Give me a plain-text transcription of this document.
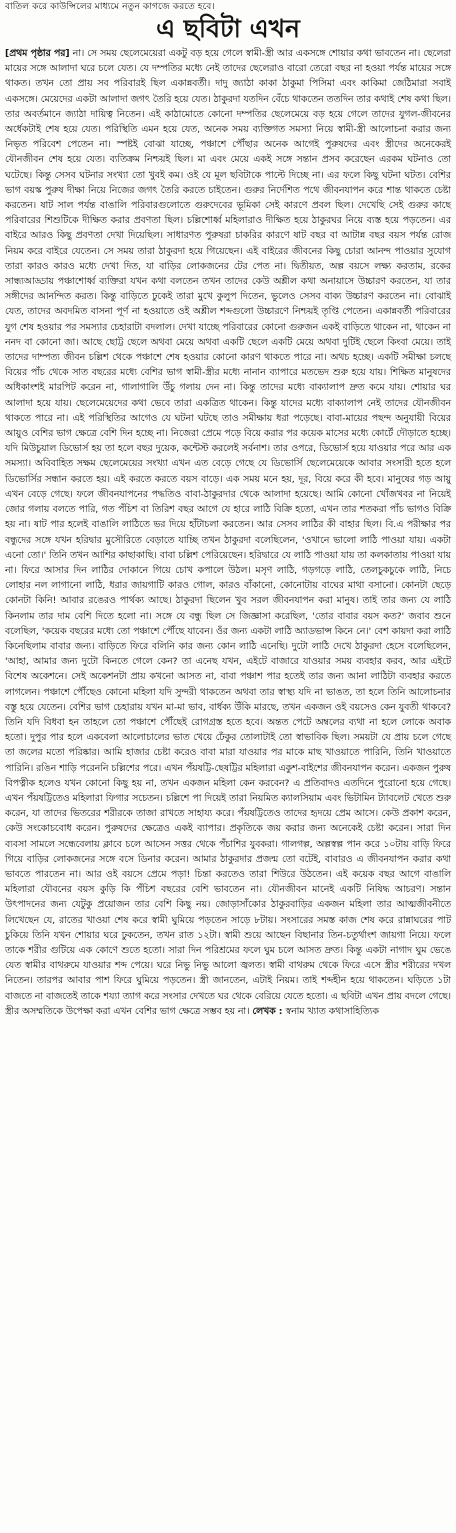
বাতিল করে কাউন্সিলের মাধ্যমে নতুন কাগজে করতে হবে।
এ ছবিটা এখন

[প্রথম পৃষ্ঠার পর] না। সে সময় ছেলেমেয়েরা একটু বড় হয়ে গেলে স্বামী-স্ত্রী আর একসঙ্গে শোয়ার কথা ভাবতেন না। ছেলেরা মায়ের সঙ্গে আলাদা ঘরে চলে যেত। যে দম্পতির মধ্যে নেই তাদের ছেলেরাও বারো তেরো বছর না হওয়া পর্যন্ত মায়ের সঙ্গে থাকত। তখন তো প্রায় সব পরিবারই ছিল একান্নবর্তী। দাদু জ্যাঠা কাকা ঠাকুমা পিসিমা এবং কাকিমা জেঠিমারা সবাই একসঙ্গে। মেয়েদের একটা আলাদা জগৎ তৈরি হয়ে যেত। ঠাকুরদা যতদিন বেঁচে থাকতেন ততদিন তার কথাই শেষ কথা ছিল। তার অবর্তমানে জ্যাঠা দায়িত্ব নিতেন। এই কাঠামোতে কোনো দম্পতির ছেলেমেয়ে বড় হয়ে গেলে তাদের যুগল-জীবনের অর্ধেকটাই শেষ হয়ে যেত। পরিস্থিতি এমন হয়ে যেত, অনেক সময় ব্যক্তিগত সমস্যা নিয়ে স্বামী-স্ত্রী আলোচনা করার জন্য নিভৃত পরিবেশ পেতেন না। স্পষ্টই বোঝা যাচ্ছে, পঞ্চাশে পৌঁছার অনেক আগেই পুরুষদের এবং স্ত্রীদের অনেকেরই যৌনজীবন শেষ হয়ে যেত। ব্যতিক্রম নিশ্চয়ই ছিল। মা এবং মেয়ে একই সঙ্গে সন্তান প্রসব করেছেন এরকম ঘটনাও তো ঘটেছে। কিন্তু সেসব ঘটনার সংখ্যা তো খুবই কম। ওই যে মূল ছবিটাকে পাল্টে দিচ্ছে না। এর ফলে কিছু ঘটনা ঘটত। বেশির ভাগ বয়স্ক পুরুষ দীক্ষা নিয়ে নিজের জগৎ তৈরি করতে চাইতেন। গুরুর নির্দেশিত পথে জীবনযাপন করে শান্ত থাকতে চেষ্টা করতেন। ষাট সাল পর্যন্ত বাঙালি পরিবারগুলোতে গুরুদেবের ভূমিকা সেই কারণে প্রবল ছিল। দেখেছি সেই গুরুর কাছে পরিবারের শিশুটিকে দীক্ষিত করার প্রবণতা ছিল। চল্লিশোর্ধ্ব মহিলারাও দীক্ষিত হয়ে ঠাকুরঘর নিয়ে ব্যস্ত হয়ে পড়তেন। এর বাইরে আরও কিছু প্রবণতা দেখা দিয়েছিল। সাধারণত পুরুষরা চাকরির কারণে ষাট বছর বা আটান্ন বছর বয়স পর্যন্ত রোজ নিয়ম করে বাইরে যেতেন। সে সময় তারা ঠাকুরদা হয়ে গিয়েছেন। এই বাইরের জীবনের কিছু চোরা আনন্দ পাওয়ার সুযোগ তারা কারও কারও মধ্যে দেখা দিত, যা বাড়ির লোকজনের টের পেত না। দ্বিতীয়ত, অল্প বয়সে লক্ষ্য করতাম, রকের সান্ধ্যআড্ডায় পঞ্চাশোর্ধ্ব ব্যক্তিরা যখন কথা বলতেন তখন তাদের কেউ অশ্লীল কথা অনায়াসে উচ্চারণ করতেন, যা তার সঙ্গীদের আনন্দিত করত। কিন্তু বাড়িতে ঢুকেই তারা মুখে কুলুপ দিতেন, ভুলেও সেসব বাক্য উচ্চারণ করতেন না। বোঝাই যেত, তাদের অবদমিত বাসনা পূর্ণ না হওয়াতে ওই অশ্লীল শব্দগুলো উচ্চারণে নিশ্চয়ই তৃপ্তি পেতেন। একান্নবর্তী পরিবারের যুগ শেষ হওয়ার পর সমস্যার চেহারাটা বদলাল। দেখা যাচ্ছে পরিবারের কোনো গুরুজন একই বাড়িতে থাকেন না, থাকেন না ননদ বা কোনো জা। আছে ছোট্ট ছেলে অথবা মেয়ে অথবা একটি ছেলে একটি মেয়ে অথবা দুটিই ছেলে কিংবা মেয়ে। তাই তাদের দাম্পত্য জীবন চল্লিশ থেকে পঞ্চাশে শেষ হওয়ার কোনো কারণ থাকতে পারে না। অথচ হচ্ছে। একটি সমীক্ষা চলছে বিয়ের পাঁচ থেকে সাত বছরের মধ্যে বেশির ভাগ স্বামী-স্ত্রীর মধ্যে নানান ব্যাপারে মতভেদ শুরু হয়ে যায়। শিক্ষিত মানুষদের অধিকাংশই মারপিট করেন না, গালাগালি উঁচু গলায় দেন না। কিন্তু তাদের মধ্যে বাক্যালাপ দ্রুত কমে যায়। শোয়ার ঘর আলাদা হয়ে যায়। ছেলেমেয়েদের কথা ভেবে তারা একত্রিত থাকেন। কিন্তু যাদের মধ্যে বাক্যালাপ নেই তাদের যৌনজীবন থাকতে পারে না। এই পরিস্থিতির আগেও যে ঘটনা ঘটছে তাও সমীক্ষায় ধরা পড়েছে। বাবা-মায়ের পছন্দ অনুযায়ী বিয়ের আয়ুও বেশির ভাগ ক্ষেত্রে বেশি দিন হচ্ছে না। নিজেরা প্রেমে পড়ে বিয়ে করার পর কয়েক মাসের মধ্যে কোর্টে দৌড়াতে হচ্ছে। যদি মিউচুয়াল ডিভোর্স হয় তা হলে বছর দুয়েক, কন্টেস্ট করলেই সর্বনাশ। তার ওপরে, ডিভোর্স হয়ে যাওয়ার পরে আর এক সমস্যা। অবিবাহিত সক্ষম ছেলেমেয়ের সংখ্যা এখন এত বেড়ে গেছে যে ডিভোর্সি ছেলেমেয়েকে আবার সংসারী হতে হলে ডিভোর্সির সন্ধান করতে হয়। এই করতে করতে বয়স বাড়ে। এক সময় মনে হয়, দূর, বিয়ে করে কী হবে। মানুষের গড় আয়ু এখন বেড়ে গেছে। ফলে জীবনযাপনের পদ্ধতিও বাবা-ঠাকুরদার থেকে আলাদা হয়েছে। আমি কোনো খোঁজখবর না নিয়েই জোর গলায় বলতে পারি, গত পঁচিশ বা তিরিশ বছর আগে যে হারে লাঠি বিক্রি হতো, এখন তার শতকরা পাঁচ ভাগও বিক্রি হয় না। ষাট পার হলেই বাঙালি লাঠিতে ভর দিয়ে হাঁটাচলা করতেন। আর সেসব লাঠির কী বাহার ছিল। বি.এ পরীক্ষার পর বন্ধুদের সঙ্গে যখন হরিদ্বার মুসৌরিতে বেড়াতে যাচ্ছি তখন ঠাকুরদা বলেছিলেন, 'ওখানে ভালো লাঠি পাওয়া যায়। একটা এনো তো।' তিনি তখন আশির কাছাকাছি। বাবা চল্লিশ পেরিয়েছেন। হরিদ্বারে যে লাঠি পাওয়া যায় তা কলকাতায় পাওয়া যায় না। ফিরে আসার দিন লাঠির দোকানে গিয়ে চোখ কপালে উঠল। মসৃণ লাঠি, গড়গড়ে লাঠি, তেলচুকচুকে লাঠি, নিচে লোহার নল লাগানো লাঠি, ধরার জায়গাটি কারও গোল, কারও বাঁকানো, কোনোটায় বাঘের মাথা বসানো। কোনটা ছেড়ে কোনটা কিনি! আবার রঙেরও পার্থক্য আছে। ঠাকুরদা ছিলেন খুব সরল জীবনযাপন করা মানুষ। তাই তার জন্য যে লাঠি কিনলাম তার দাম বেশি দিতে হলো না। সঙ্গে যে বন্ধু ছিল সে জিজ্ঞাসা করেছিল, 'তোর বাবার বয়স কত?' জবাব শুনে বলেছিল, 'কয়েক বছরের মধ্যে তো পঞ্চাশে পৌঁছে যাবেন। ওঁর জন্য একটা লাঠি অ্যাডভান্স কিনে নে।' বেশ কায়দা করা লাঠি কিনেছিলাম বাবার জন্য। বাড়িতে ফিরে বলিনি কার জন্য কোন লাঠি এনেছি। দুটো লাঠি দেখে ঠাকুরদা হেসে বলেছিলেন, 'আহা, আমার জন্য দুটো কিনতে গেলে কেন? তা এনেছ যখন, এইটে বাজারে যাওয়ার সময় ব্যবহার করব, আর এইটে বিশেষ অকেশনে। সেই অকেশনটা প্রায় কখনো আসত না, বাবা পঞ্চাশ পার হতেই তার জন্য আনা লাঠিটা ব্যবহার করতে লাগলেন। পঞ্চাশে পৌঁছেও কোনো মহিলা যদি সুন্দরী থাকতেন অথবা তার স্বাস্থ্য যদি না ভাঙত, তা হলে তিনি আলোচনার বস্তু হয়ে যেতেন। বেশির ভাগ চেহারায় যখন মা-মা ভাব, বার্ধক্য উঁকি মারছে, তখন একজন ওই বয়সেও কেন যুবতী থাকবে? তিনি যদি বিধবা হন তাহলে তো পঞ্চাশে পৌঁছেই রোগগ্রস্ত হতে হবে। অন্তত পেটে অম্বলের ব্যথা না হলে লোকে অবাক হতো। দুপুর পার হলে একবেলা আলোচালের ভাত খেয়ে ঢেঁকুর তোলাটাই তো স্বাভাবিক ছিল। সময়টা যে প্রায় চলে গেছে তা জলের মতো পরিষ্কার। আমি হাজার চেষ্টা করেও বাবা মারা যাওয়ার পর মাকে মাছ খাওয়াতে পারিনি, তিনি খাওয়াতে পারিনি। রঙিন শাড়ি পরেননি চল্লিশের পরে। এখন পঁয়ষট্টি-ছেষট্টির মহিলারা একুশ-বাইশের জীবনযাপন করেন। একজন পুরুষ বিপত্নীক হলেও যখন কোনো কিছু হয় না, তখন একজন মহিলা কেন করবেন? এ প্রতিবাদও এতদিনে পুরোনো হয়ে গেছে। এখন পঁয়ষট্টিতেও মহিলারা ফিগার সচেতন। চল্লিশে পা দিয়েই তারা নিয়মিত ক্যালসিয়াম এবং ভিটামিন ট্যাবলেট খেতে শুরু করেন, যা তাদের ভিতরের শরীরকে তাজা রাখতে সাহায্য করে। পঁয়ষট্টিতেও তাদের হৃদয়ে প্রেম আসে। কেউ প্রকাশ করেন, কেউ সংকোচবোধ করেন। পুরুষদের ক্ষেত্রেও একই ব্যাপার। প্রকৃতিকে জয় করার জন্য অনেকেই চেষ্টা করেন। সারা দিন ব্যবসা সামলে সন্ধেবেলায় ক্লাবে চলে আসেন সত্তর থেকে পঁচাশির যুবকরা। গালগল্প, অল্পস্বল্প পান করে ১০টায় বাড়ি ফিরে গিয়ে বাড়ির লোকজনের সঙ্গে বসে ডিনার করেন। আমার ঠাকুরদার প্রজন্ম তো বটেই, বাবারও এ জীবনযাপন করার কথা ভাবতে পারতেন না। আর ওই বয়সে প্রেমে পড়া! চিন্তা করতেও তারা শিউরে উঠতেন। এই কয়েক বছর আগে বাঙালি মহিলারা যৌবনের বয়স কুড়ি কি পঁচিশ বছরের বেশি ভাবতেন না। যৌনজীবন মানেই একটি নিষিদ্ধ আচরণ। সন্তান উৎপাদনের জন্য যেটুকু প্রয়োজন তার বেশি কিছু নয়। জোড়াসাঁকোর ঠাকুরবাড়ির একজন মহিলা তার আত্মজীবনীতে লিখেছেন যে, রাতের খাওয়া শেষ করে স্বামী ঘুমিয়ে পড়তেন সাড়ে ৮টায়। সংসারের সমস্ত কাজ শেষ করে রান্নাঘরের পাট চুকিয়ে তিনি যখন শোয়ার ঘরে ঢুকতেন, তখন রাত ১২টা। স্বামী শুয়ে আছেন বিছানার তিন-চতুর্থাংশ জায়গা নিয়ে। ফলে তাকে শরীর গুটিয়ে এক কোণে শুতে হতো। সারা দিন পরিশ্রমের ফলে ঘুম চলে আসত দ্রুত। কিন্তু একটা নাগাদ ঘুম ভেঙে যেত স্বামীর বাথরুমে যাওয়ার শব্দ পেয়ে। ঘরে নিভু নিভু আলো জ্বলত। স্বামী বাথরুম থেকে ফিরে এসে স্ত্রীর শরীরের দখল নিতেন। তারপর আবার পাশ ফিরে ঘুমিয়ে পড়তেন। স্ত্রী জানতেন, এটাই নিয়ম। তাই শব্দহীন হয়ে থাকতেন। ঘড়িতে ১টা বাজতে না বাজতেই তাকে শয্যা ত্যাগ করে সংসার দেখতে ঘর থেকে বেরিয়ে যেতে হতো। এ ছবিটা এখন প্রায় বদলে গেছে। স্ত্রীর অসম্মতিকে উপেক্ষা করা এখন বেশির ভাগ ক্ষেত্রে সম্ভব হয় না। লেখক : স্বনাম খ্যাত কথাসাহিত্যিক
